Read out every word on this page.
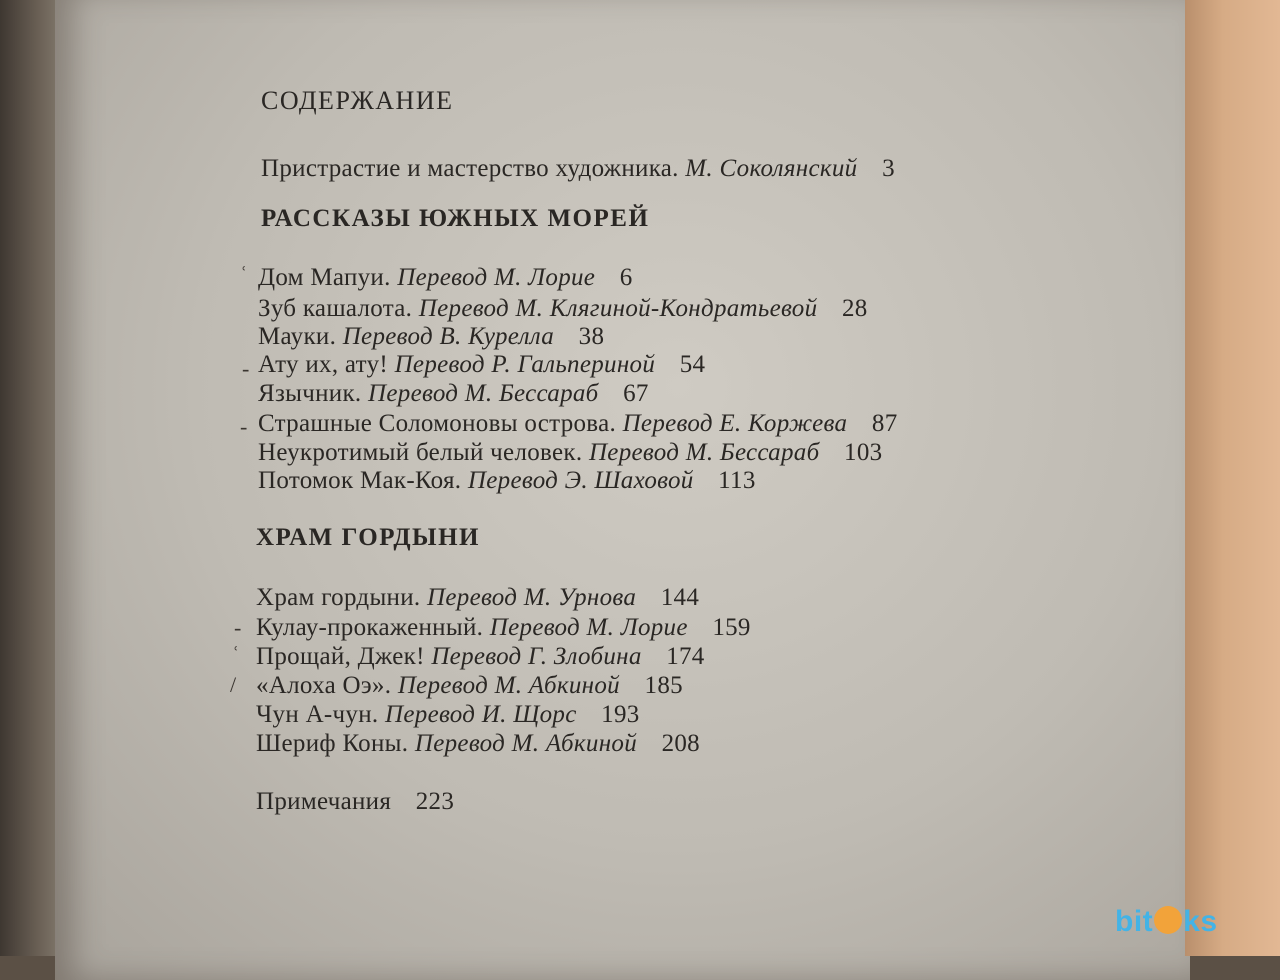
СОДЕРЖАНИЕ
Пристрастие и мастерство художника. М. Соколянский 3
РАССКАЗЫ ЮЖНЫХ МОРЕЙ
Дом Мапуи. Перевод М. Лорие 6
Зуб кашалота. Перевод М. Клягиной-Кондратьевой 28
Мауки. Перевод В. Курелла 38
Ату их, ату! Перевод Р. Гальпериной 54
Язычник. Перевод М. Бессараб 67
Страшные Соломоновы острова. Перевод Е. Коржева 87
Неукротимый белый человек. Перевод М. Бессараб 103
Потомок Мак-Коя. Перевод Э. Шаховой 113
ХРАМ ГОРДЫНИ
Храм гордыни. Перевод М. Урнова 144
Кулау-прокаженный. Перевод М. Лорие 159
Прощай, Джек! Перевод Г. Злобина 174
«Алоха Оэ». Перевод М. Абкиной 185
Чун А-чун. Перевод И. Щорс 193
Шериф Коны. Перевод М. Абкиной 208
Примечания 223
ʿ
-
-
-
ʿ
/
bit ks
